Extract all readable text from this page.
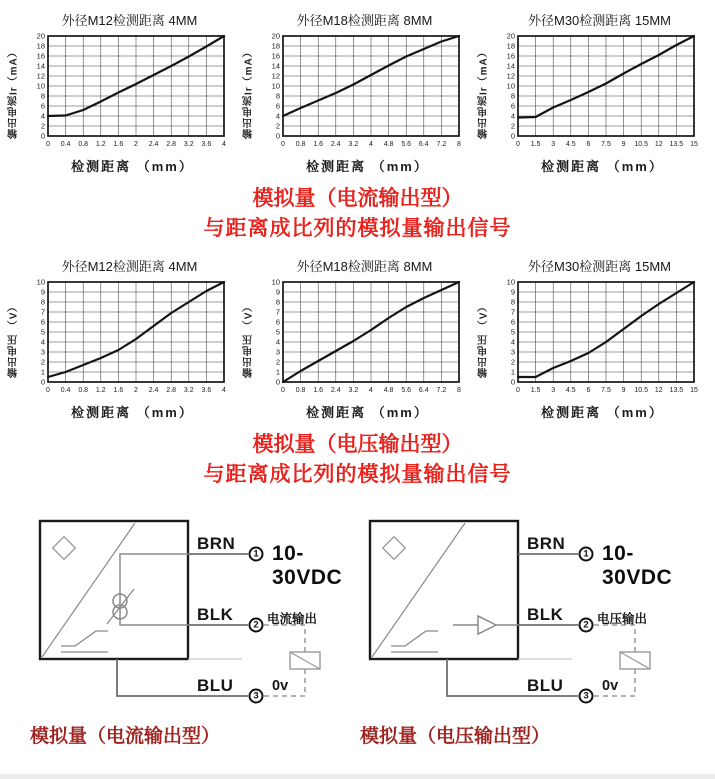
外径M12检测距离 4MM
输出电流Ir（mA）
0 0.4 0.8 1.2 1.6 2 2.4 2.8 3.2 3.6 4
0
2
4
6
8
10
12
14
16
18
20
检测距离 （mm）
外径M18检测距离 8MM
输出电流Ir（mA）
0 0.8 1.6 2.4 3.2 4 4.8 5.6 6.4 7.2 8
0
2
4
6
8
10
12
14
16
18
20
检测距离 （mm）
外径M30检测距离 15MM
输出电流Ir（mA）
0 1.5 3 4.5 6 7.5 9 10.5 12 13.5 15
0
2
4
6
8
10
12
14
16
18
20
检测距离 （mm）
模拟量（电流输出型）
与距离成比列的模拟量输出信号
外径M12检测距离 4MM
输出电压 （V）
0 0.4 0.8 1.2 1.6 2 2.4 2.8 3.2 3.6 4
0
1
2
3
4
5
6
7
8
9
10
检测距离 （mm）
外径M18检测距离 8MM
输出电压 （V）
0 0.8 1.6 2.4 3.2 4 4.8 5.6 6.4 7.2 8
0
1
2
3
4
5
6
7
8
9
10
检测距离 （mm）
外径M30检测距离 15MM
输出电压 （V）
0 1.5 3 4.5 6 7.5 9 10.5 12 13.5 15
0
1
2
3
4
5
6
7
8
9
10
检测距离 （mm）
模拟量（电压输出型）
与距离成比列的模拟量输出信号
BRN
BLK
BLU
1
2
3
10-30VDC
电流输出
0v
模拟量（电流输出型）
BRN
BLK
BLU
1
2
3
10-30VDC
电压输出
0v
模拟量（电压输出型）
